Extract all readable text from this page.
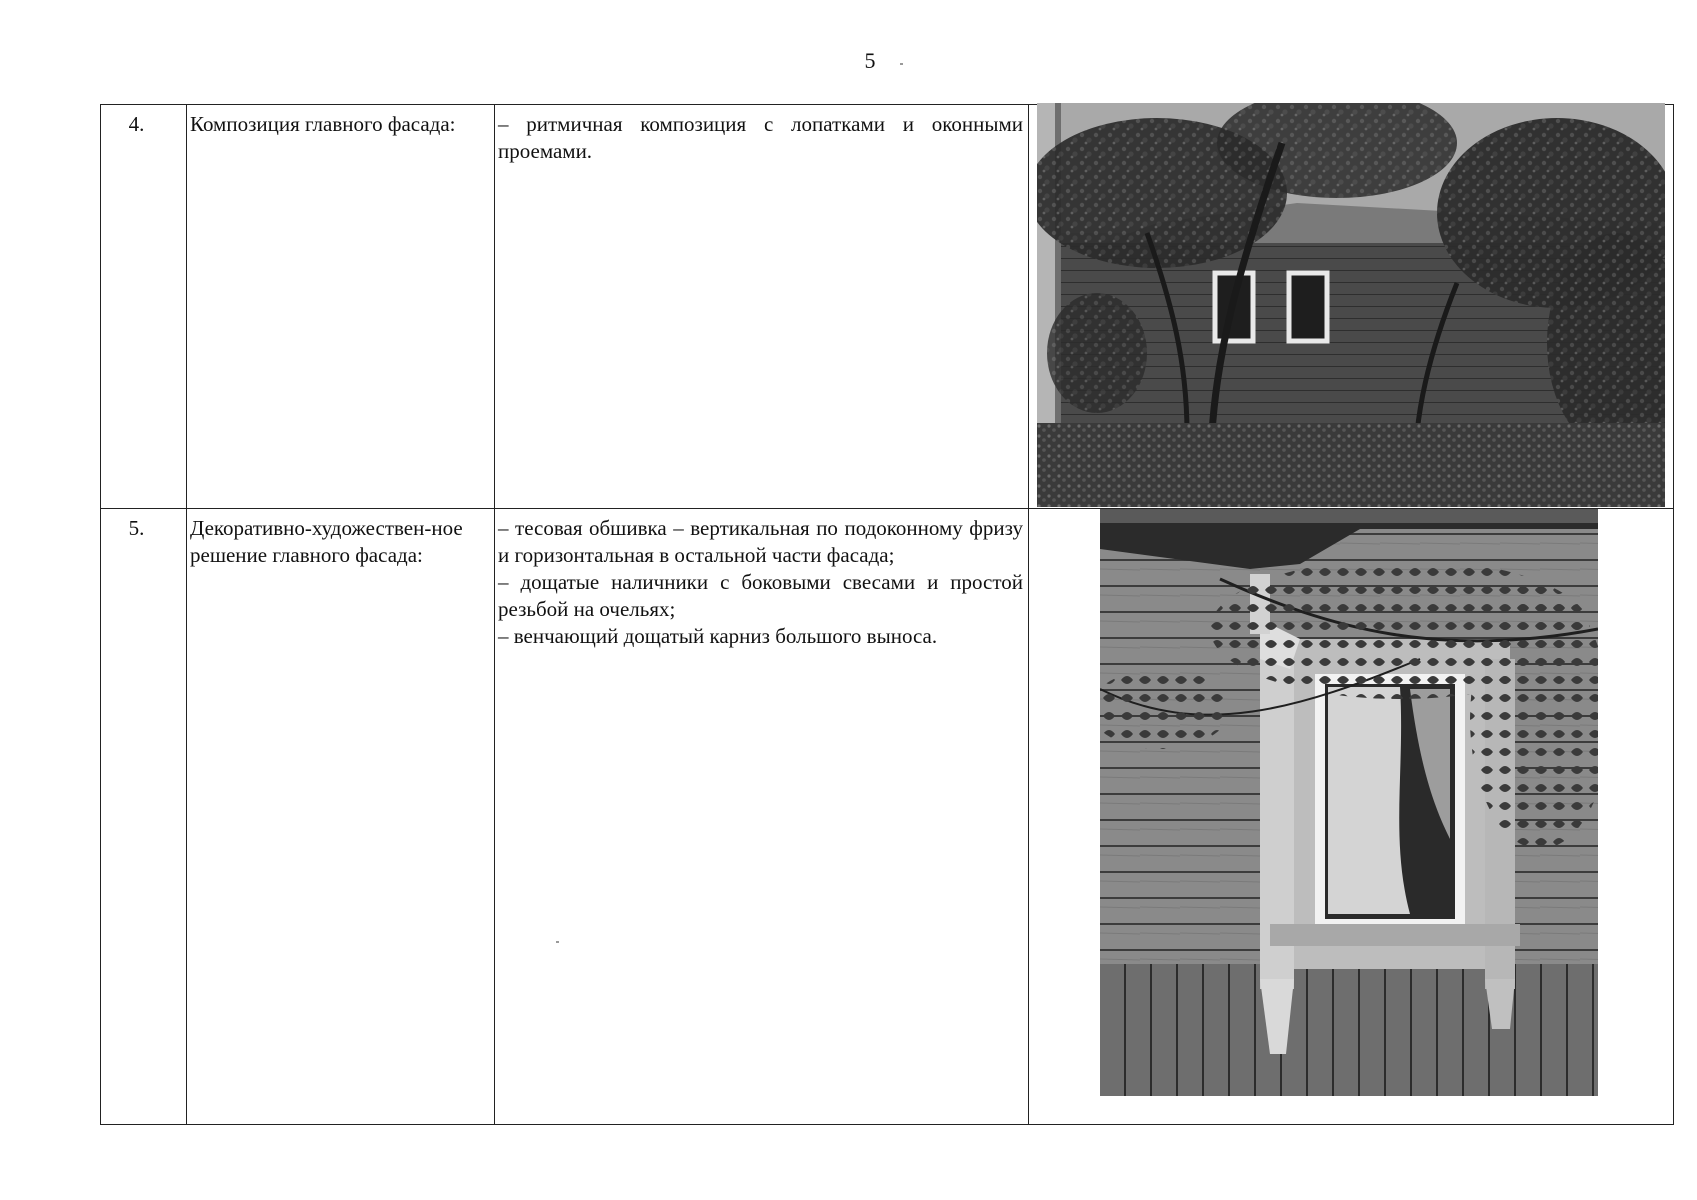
5
4.	Композиция главного фасада:	– ритмичная композиция с лопатками и оконными проемами.

5.	Декоративно-художествен-ное решение главного фасада:	– тесовая обшивка – вертикальная по подоконному фризу и горизонтальная в остальной части фасада;
– дощатые наличники с боковыми свесами и простой резьбой на очельях;
– венчающий дощатый карниз большого выноса.
